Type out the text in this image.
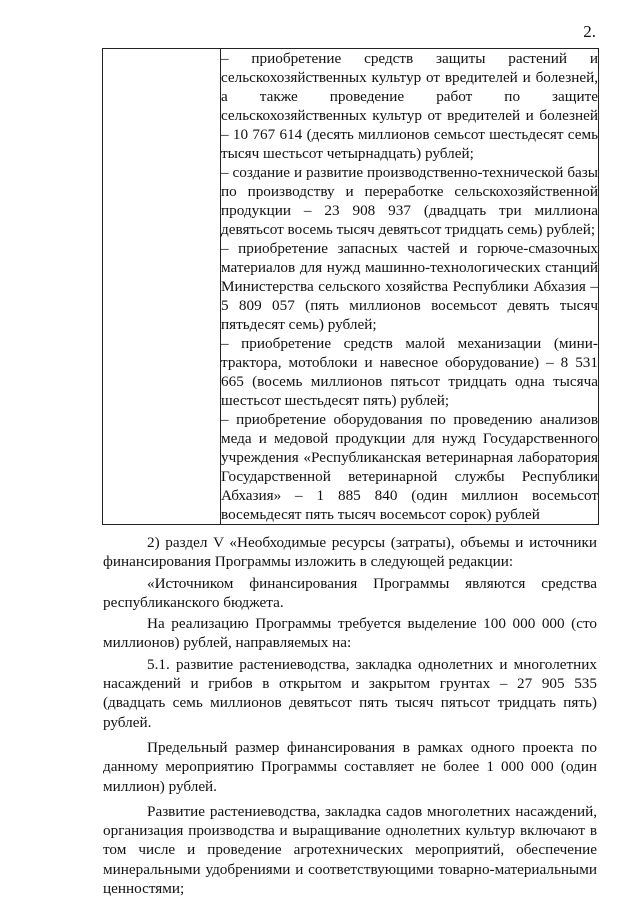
2.

– приобретение средств защиты растений и сельскохозяйственных культур от вредителей и болезней, а также проведение работ по защите сельскохозяйственных культур от вредителей и болезней – 10 767 614 (десять миллионов семьсот шестьдесят семь тысяч шестьсот четырнадцать) рублей;
– создание и развитие производственно-технической базы по производству и переработке сельскохозяйственной продукции – 23 908 937 (двадцать три миллиона девятьсот восемь тысяч девятьсот тридцать семь) рублей;
– приобретение запасных частей и горюче-смазочных материалов для нужд машинно-технологических станций Министерства сельского хозяйства Республики Абхазия – 5 809 057 (пять миллионов восемьсот девять тысяч пятьдесят семь) рублей;
– приобретение средств малой механизации (мини-трактора, мотоблоки и навесное оборудование) – 8 531 665 (восемь миллионов пятьсот тридцать одна тысяча шестьсот шестьдесят пять) рублей;
– приобретение оборудования по проведению анализов меда и медовой продукции для нужд Государственного учреждения «Республиканская ветеринарная лаборатория Государственной ветеринарной службы Республики Абхазия» – 1 885 840 (один миллион восемьсот восемьдесят пять тысяч восемьсот сорок) рублей

2) раздел V «Необходимые ресурсы (затраты), объемы и источники финансирования Программы изложить в следующей редакции:

«Источником финансирования Программы являются средства республиканского бюджета.

На реализацию Программы требуется выделение 100 000 000 (сто миллионов) рублей, направляемых на:

5.1. развитие растениеводства, закладка однолетних и многолетних насаждений и грибов в открытом и закрытом грунтах – 27 905 535 (двадцать семь миллионов девятьсот пять тысяч пятьсот тридцать пять) рублей.

Предельный размер финансирования в рамках одного проекта по данному мероприятию Программы составляет не более 1 000 000 (один миллион) рублей.

Развитие растениеводства, закладка садов многолетних насаждений, организация производства и выращивание однолетних культур включают в том числе и проведение агротехнических мероприятий, обеспечение минеральными удобрениями и соответствующими товарно-материальными ценностями;
